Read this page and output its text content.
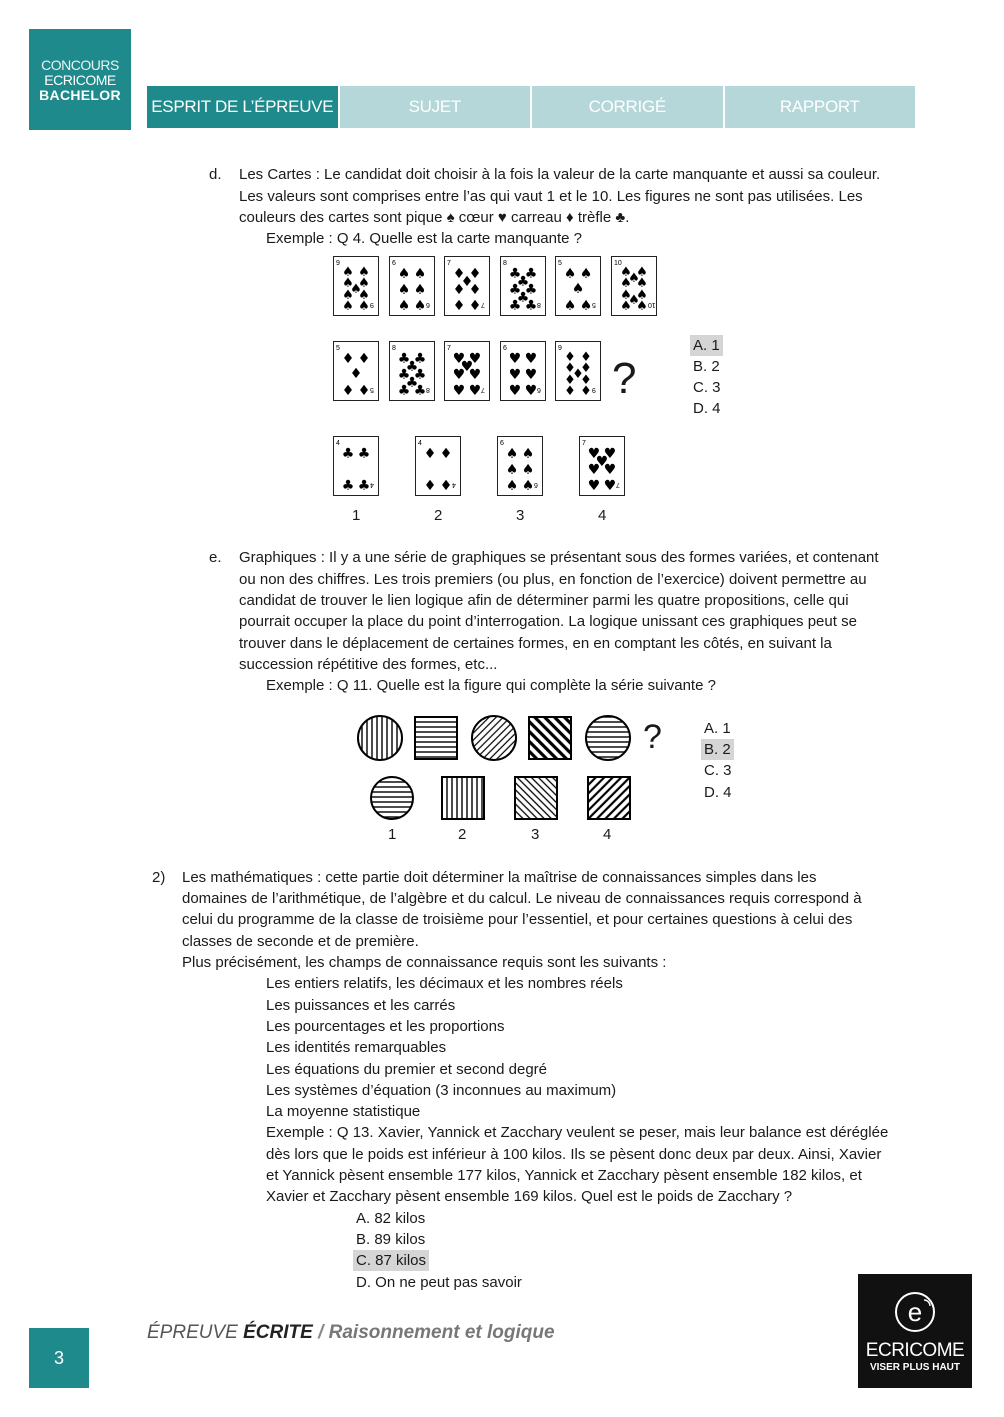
CONCOURS
ECRICOME
BACHELOR
ESPRIT DE L’ÉPREUVE	SUJET	CORRIGÉ	RAPPORT
d. Les Cartes : Le candidat doit choisir à la fois la valeur de la carte manquante et aussi sa couleur.
Les valeurs sont comprises entre l’as qui vaut 1 et le 10. Les figures ne sont pas utilisées. Les
couleurs des cartes sont pique ♠ cœur ♥ carreau ♦ trèfle ♣.
Exemple : Q 4. Quelle est la carte manquante ?
9
9
♠ ♠
♠ ♠
♠
♠ ♠
♠ ♠
6
6
♠ ♠
♠ ♠
♠ ♠
7
7
♦ ♦
♦
♦ ♦
♦ ♦
8
8
♣ ♣
♣
♣ ♣
♣
♣ ♣
5
5
♠ ♠
♠
♠ ♠
10
10
♠ ♠
♠
♠ ♠
♠ ♠
♠
♠ ♠
5
5
♦ ♦
♦
♦ ♦
8
8
♣ ♣
♣
♣ ♣
♣
♣ ♣
7
7
♥ ♥
♥
♥ ♥
♥ ♥
6
6
♥ ♥
♥ ♥
♥ ♥
9
9
♦ ♦
♦ ♦
♦
♦ ♦
♦ ♦ ?
4
4
♣ ♣
♣ ♣
1
4
4
♦ ♦
♦ ♦
2
6
6
♠ ♠
♠ ♠
♠ ♠
3
7
7
♥ ♥
♥
♥ ♥
♥ ♥
4
A. 1
B. 2
C. 3
D. 4
e. Graphiques : Il y a une série de graphiques se présentant sous des formes variées, et contenant
ou non des chiffres. Les trois premiers (ou plus, en fonction de l’exercice) doivent permettre au
candidat de trouver le lien logique afin de déterminer parmi les quatre propositions, celle qui
pourrait occuper la place du point d’interrogation. La logique unissant ces graphiques peut se
trouver dans le déplacement de certaines formes, en en comptant les côtés, en suivant la
succession répétitive des formes, etc...
Exemple : Q 11. Quelle est la figure qui complète la série suivante ?
?
1	2	3	4
A. 1
B. 2
C. 3
D. 4
2) Les mathématiques : cette partie doit déterminer la maîtrise de connaissances simples dans les
domaines de l’arithmétique, de l’algèbre et du calcul. Le niveau de connaissances requis correspond à
celui du programme de la classe de troisième pour l’essentiel, et pour certaines questions à celui des
classes de seconde et de première.
Plus précisément, les champs de connaissance requis sont les suivants :
Les entiers relatifs, les décimaux et les nombres réels
Les puissances et les carrés
Les pourcentages et les proportions
Les identités remarquables
Les équations du premier et second degré
Les systèmes d’équation (3 inconnues au maximum)
La moyenne statistique
Exemple : Q 13. Xavier, Yannick et Zacchary veulent se peser, mais leur balance est déréglée
dès lors que le poids est inférieur à 100 kilos. Ils se pèsent donc deux par deux. Ainsi, Xavier
et Yannick pèsent ensemble 177 kilos, Yannick et Zacchary pèsent ensemble 182 kilos, et
Xavier et Zacchary pèsent ensemble 169 kilos. Quel est le poids de Zacchary ?
A. 82 kilos
B. 89 kilos
C. 87 kilos
D. On ne peut pas savoir
3
ÉPREUVE ÉCRITE / Raisonnement et logique
e
ECRICOME
VISER PLUS HAUT
